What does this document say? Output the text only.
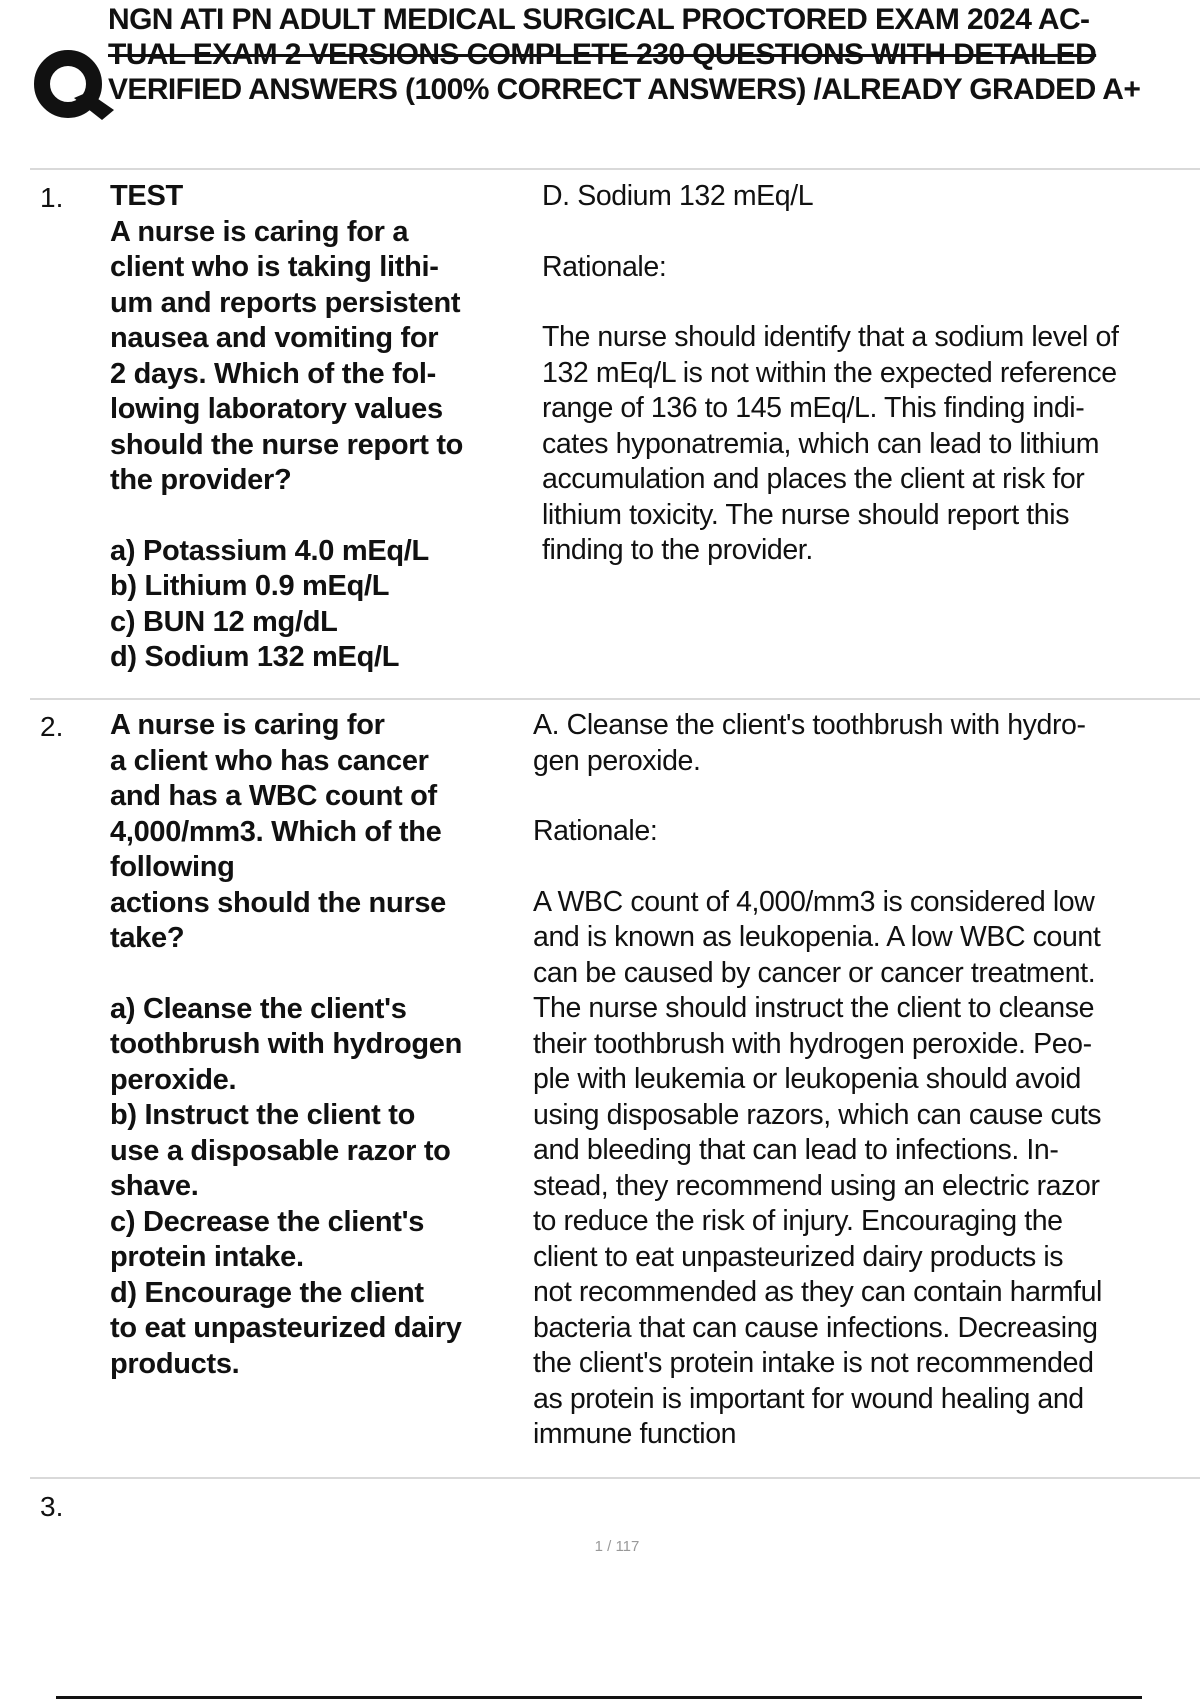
NGN ATI PN ADULT MEDICAL SURGICAL PROCTORED EXAM 2024 AC-
TUAL EXAM 2 VERSIONS COMPLETE 230 QUESTIONS WITH DETAILED
VERIFIED ANSWERS (100% CORRECT ANSWERS) /ALREADY GRADED A+
1. TEST
A nurse is caring for a
client who is taking lithi-
um and reports persistent
nausea and vomiting for
2 days. Which of the fol-
lowing laboratory values
should the nurse report to
the provider?
a) Potassium 4.0 mEq/L
b) Lithium 0.9 mEq/L
c) BUN 12 mg/dL
d) Sodium 132 mEq/L
D. Sodium 132 mEq/L
Rationale:
The nurse should identify that a sodium level of
132 mEq/L is not within the expected reference
range of 136 to 145 mEq/L. This finding indi-
cates hyponatremia, which can lead to lithium
accumulation and places the client at risk for
lithium toxicity. The nurse should report this
finding to the provider.
2. A nurse is caring for
a client who has cancer
and has a WBC count of
4,000/mm3. Which of the
following
actions should the nurse
take?
a) Cleanse the client's
toothbrush with hydrogen
peroxide.
b) Instruct the client to
use a disposable razor to
shave.
c) Decrease the client's
protein intake.
d) Encourage the client
to eat unpasteurized dairy
products.
A. Cleanse the client's toothbrush with hydro-
gen peroxide.
Rationale:
A WBC count of 4,000/mm3 is considered low
and is known as leukopenia. A low WBC count
can be caused by cancer or cancer treatment.
The nurse should instruct the client to cleanse
their toothbrush with hydrogen peroxide. Peo-
ple with leukemia or leukopenia should avoid
using disposable razors, which can cause cuts
and bleeding that can lead to infections. In-
stead, they recommend using an electric razor
to reduce the risk of injury. Encouraging the
client to eat unpasteurized dairy products is
not recommended as they can contain harmful
bacteria that can cause infections. Decreasing
the client's protein intake is not recommended
as protein is important for wound healing and
immune function
3.
1 / 117
